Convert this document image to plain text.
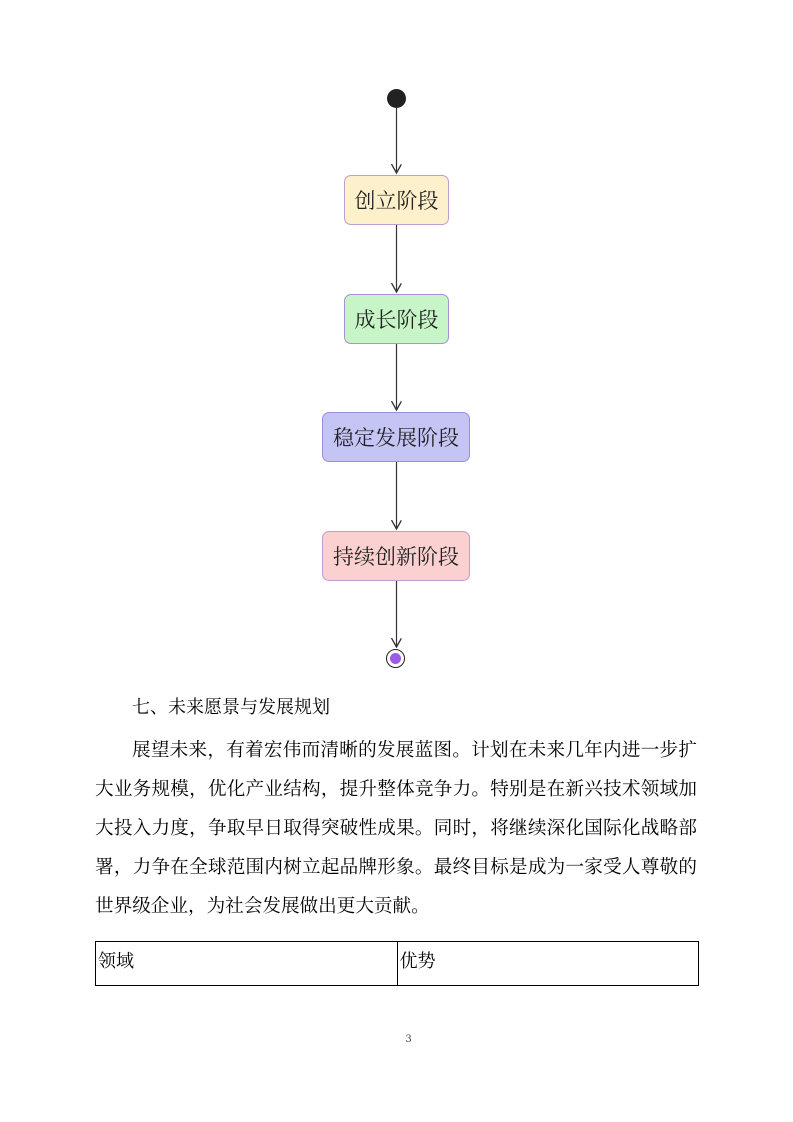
创立阶段
成长阶段
稳定发展阶段
持续创新阶段
七、未来愿景与发展规划

展望未来，有着宏伟而清晰的发展蓝图。计划在未来几年内进一步扩大业务规模，优化产业结构，提升整体竞争力。特别是在新兴技术领域加大投入力度，争取早日取得突破性成果。同时，将继续深化国际化战略部署，力争在全球范围内树立起品牌形象。最终目标是成为一家受人尊敬的世界级企业，为社会发展做出更大贡献。

领域	优势
3
